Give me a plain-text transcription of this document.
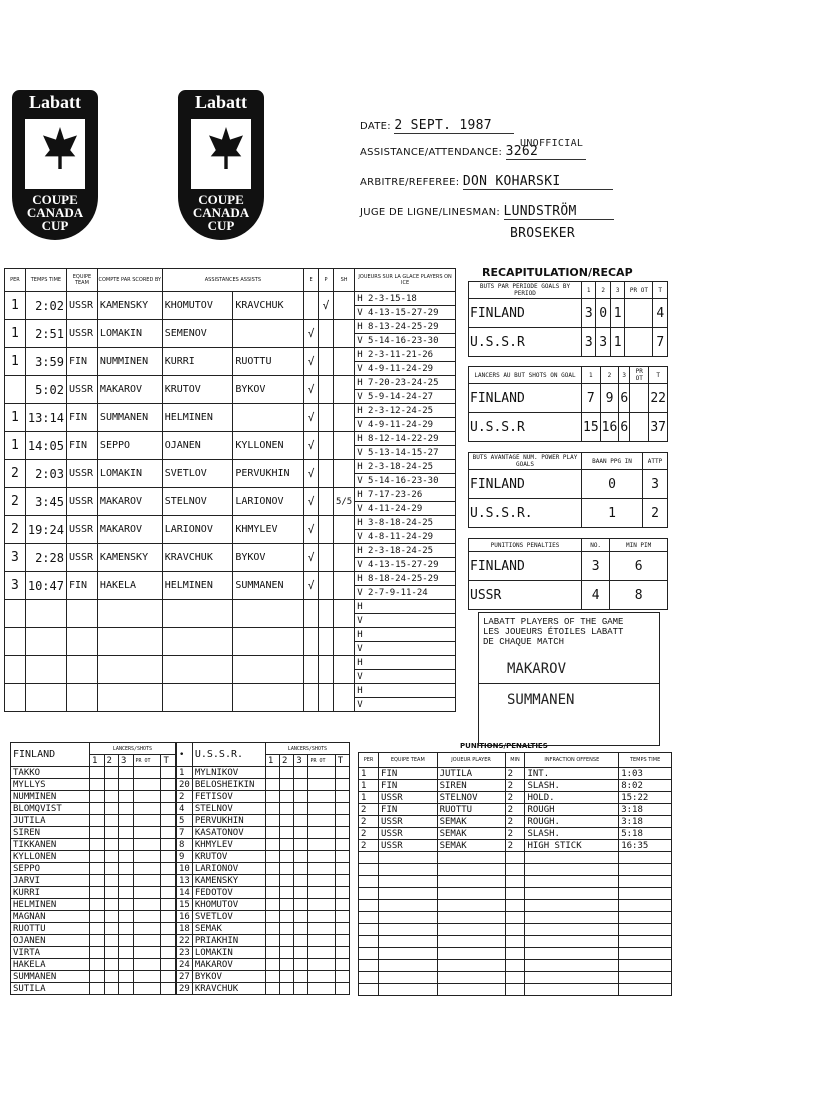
Labatt
COUPE
CANADA
CUP
Labatt
COUPE
CANADA
CUP
DATE: 2 SEPT. 1987
UNOFFICIAL
ASSISTANCE/ATTENDANCE: 3262
ARBITRE/REFEREE: DON KOHARSKI
JUGE DE LIGNE/LINESMAN: LUNDSTRÖM
BROSEKER
PER	TEMPS TIME	EQUIPE TEAM	COMPTE PAR SCORED BY	ASSISTANCES ASSISTS		E	P	SH	JOUEURS SUR LA GLACE PLAYERS ON ICE
1	2:02	USSR	KAMENSKY	KHOMUTOV	KRAVCHUK		√		H 2-3-15-18
									V 4-13-15-27-29
1	2:51	USSR	LOMAKIN	SEMENOV		√			H 8-13-24-25-29
									V 5-14-16-23-30
1	3:59	FIN	NUMMINEN	KURRI	RUOTTU	√			H 2-3-11-21-26
									V 4-9-11-24-29
	5:02	USSR	MAKAROV	KRUTOV	BYKOV	√			H 7-20-23-24-25
									V 5-9-14-24-27
1	13:14	FIN	SUMMANEN	HELMINEN		√			H 2-3-12-24-25
									V 4-9-11-24-29
1	14:05	FIN	SEPPO	OJANEN	KYLLONEN	√			H 8-12-14-22-29
									V 5-13-14-15-27
2	2:03	USSR	LOMAKIN	SVETLOV	PERVUKHIN	√			H 2-3-18-24-25
									V 5-14-16-23-30
2	3:45	USSR	MAKAROV	STELNOV	LARIONOV	√		5/5	H 7-17-23-26
									V 4-11-24-29
2	19:24	USSR	MAKAROV	LARIONOV	KHMYLEV	√			H 3-8-18-24-25
									V 4-8-11-24-29
3	2:28	USSR	KAMENSKY	KRAVCHUK	BYKOV	√			H 2-3-18-24-25
									V 4-13-15-27-29
3	10:47	FIN	HAKELA	HELMINEN	SUMMANEN	√			H 8-18-24-25-29
									V 2-7-9-11-24
									H
									V
									H
									V
									H
									V
									H
									V
RECAPITULATION/RECAP
BUTS PAR PERIODE GOALS BY PERIOD	1	2	3	PR OT	T
FINLAND	3	0	1		4
U.S.S.R	3	3	1		7
LANCERS AU BUT SHOTS ON GOAL	1	2	3	PR OT	T
FINLAND	7	9	6		22
U.S.S.R	15	16	6		37
BUTS AVANTAGE NUM. POWER PLAY GOALS	BAAN PPG IN	ATTP
FINLAND	0	3
U.S.S.R.	1	2
PUNITIONS PENALTIES	NO.	MIN PIM
FINLAND	3	6
USSR	4	8
LABATT PLAYERS OF THE GAME
LES JOUEURS ÉTOILES LABATT
DE CHAQUE MATCH
MAKAROV
SUMMANEN
FINLAND	LANCERS/SHOTS				
	1	2	3	PR OT	T
TAKKO					
MYLLYS					
NUMMINEN					
BLOMQVIST					
JUTILA					
SIREN					
TIKKANEN					
KYLLONEN					
SEPPO					
JARVI					
KURRI					
HELMINEN					
MAGNAN					
RUOTTU					
OJANEN					
VIRTA					
HAKELA					
SUMMANEN					
SUTILA					
•	U.S.S.R.	LANCERS/SHOTS				
		1	2	3	PR OT	T
1	MYLNIKOV					
20	BELOSHEIKIN					
2	FETISOV					
4	STELNOV					
5	PERVUKHIN					
7	KASATONOV					
8	KHMYLEV					
9	KRUTOV					
10	LARIONOV					
13	KAMENSKY					
14	FEDOTOV					
15	KHOMUTOV					
16	SVETLOV					
18	SEMAK					
22	PRIAKHIN					
23	LOMAKIN					
24	MAKAROV					
27	BYKOV					
29	KRAVCHUK					
PUNITIONS/PENALTIES
PER	EQUIPE TEAM	JOUEUR PLAYER	MIN	INFRACTION OFFENSE	TEMPS TIME
1	FIN	JUTILA	2	INT.	1:03
1	FIN	SIREN	2	SLASH.	8:02
1	USSR	STELNOV	2	HOLD.	15:22
2	FIN	RUOTTU	2	ROUGH	3:18
2	USSR	SEMAK	2	ROUGH.	3:18
2	USSR	SEMAK	2	SLASH.	5:18
2	USSR	SEMAK	2	HIGH STICK	16:35
